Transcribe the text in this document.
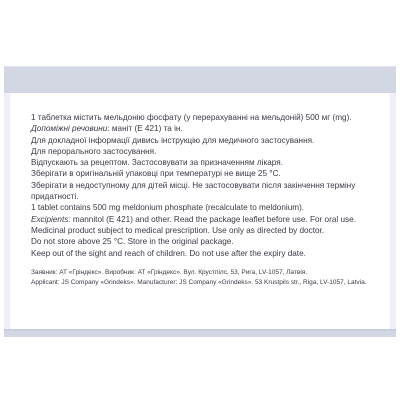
1 таблетка містить мельдонію фосфату (у перерахуванні на мельдоній) 500 мг (mg).

Допоміжні речовини: маніт (E 421) та ін.

Для докладної інформації дивись інструкцію для медичного застосування.

Для перорального застосування.

Відпускають за рецептом. Застосовувати за призначенням лікаря.

Зберігати в оригінальній упаковці при температурі не вище 25 °C.

Зберігати в недоступному для дітей місці. Не застосовувати після закінчення терміну

придатності.

1 tablet contains 500 mg meldonium phosphate (recalculate to meldonium).

Excipients: mannitol (E 421) and other. Read the package leaflet before use. For oral use.

Medicinal product subject to medical prescription. Use only as directed by doctor.

Do not store above 25 °C. Store in the original package.

Keep out of the sight and reach of children. Do not use after the expiry date.

Заявник: АТ «Гріндекс». Виробник: АТ «Гріндекс». Вул. Крустпілс, 53, Рига, LV-1057, Латвія.

Applicant: JS Company «Grindeks». Manufacturer: JS Company «Grindeks». 53 Krustpils str., Riga, LV-1057, Latvia.
